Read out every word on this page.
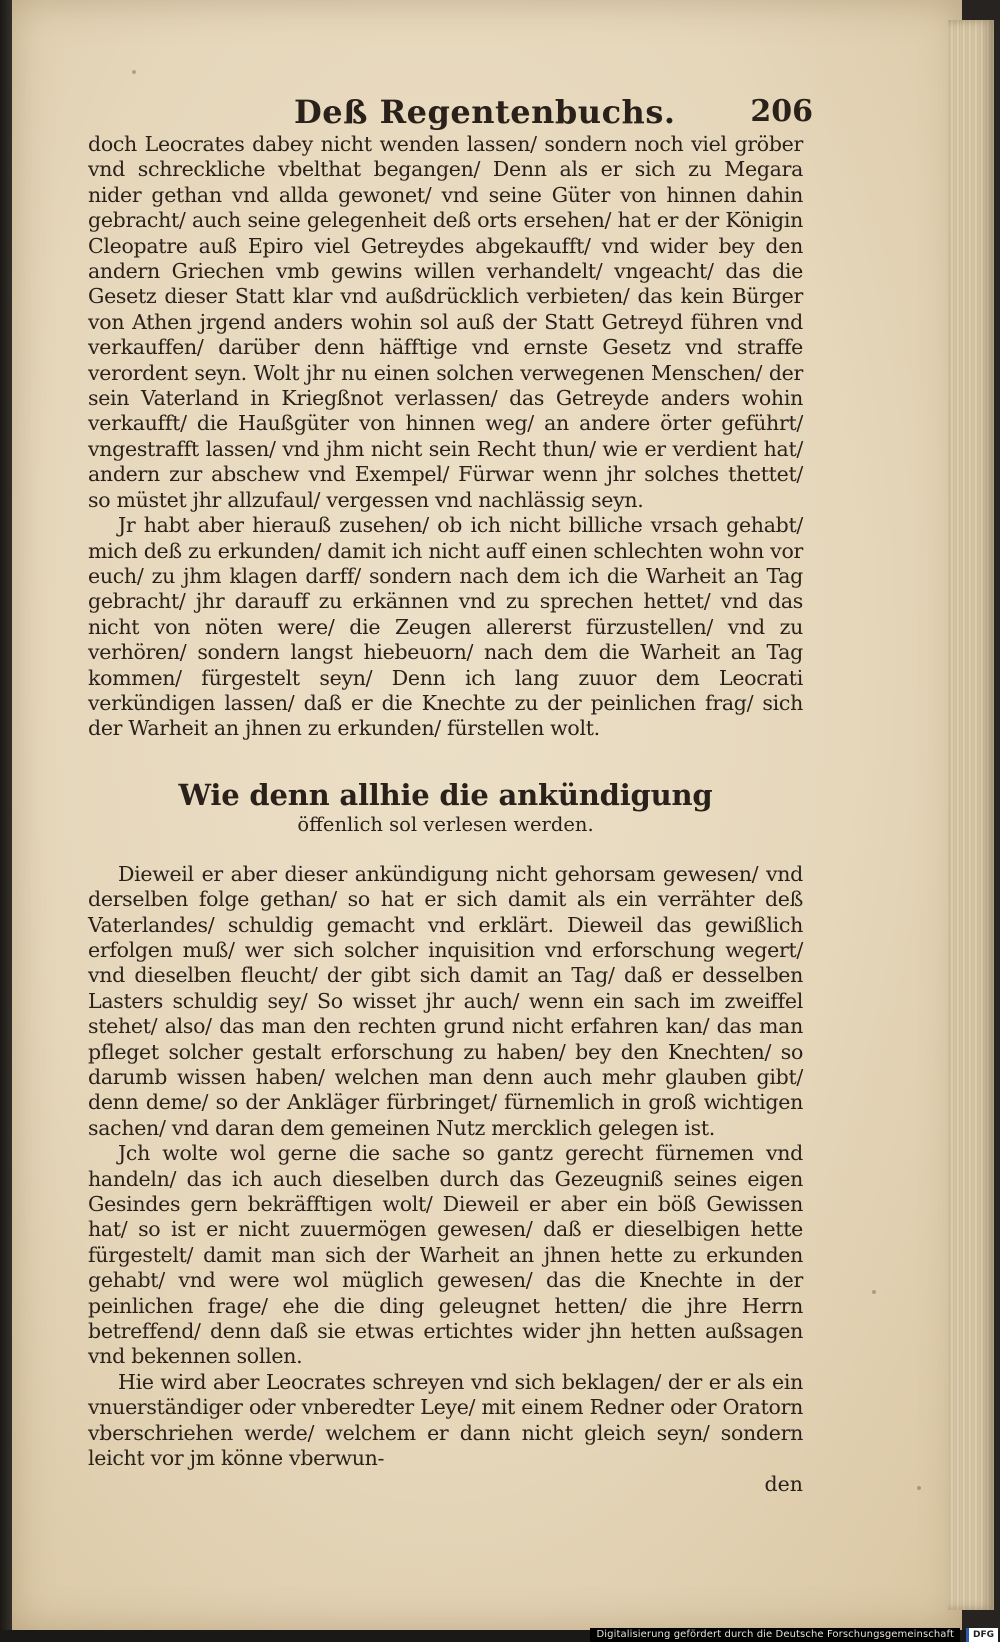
Deß Regentenbuchs. 206

doch Leocrates dabey nicht wenden lassen/ sondern noch viel gröber vnd schreckliche vbelthat begangen/ Denn als er sich zu Megara nider gethan vnd allda gewonet/ vnd seine Güter von hinnen dahin gebracht/ auch seine gelegenheit deß orts ersehen/ hat er der Königin Cleopatre auß Epiro viel Getreydes abgekaufft/ vnd wider bey den andern Griechen vmb gewins willen verhandelt/ vngeacht/ das die Gesetz dieser Statt klar vnd außdrücklich verbieten/ das kein Bürger von Athen jrgend anders wohin sol auß der Statt Getreyd führen vnd verkauffen/ darüber denn häfftige vnd ernste Gesetz vnd straffe verordent seyn. Wolt jhr nu einen solchen verwegenen Menschen/ der sein Vaterland in Kriegßnot verlassen/ das Getreyde anders wohin verkaufft/ die Haußgüter von hinnen weg/ an andere örter geführt/ vngestrafft lassen/ vnd jhm nicht sein Recht thun/ wie er verdient hat/ andern zur abschew vnd Exempel/ Fürwar wenn jhr solches thettet/ so müstet jhr allzufaul/ vergessen vnd nachlässig seyn.

Jr habt aber hierauß zusehen/ ob ich nicht billiche vrsach gehabt/ mich deß zu erkunden/ damit ich nicht auff einen schlechten wohn vor euch/ zu jhm klagen darff/ sondern nach dem ich die Warheit an Tag gebracht/ jhr darauff zu erkännen vnd zu sprechen hettet/ vnd das nicht von nöten were/ die Zeugen allererst fürzustellen/ vnd zu verhören/ sondern langst hiebeuorn/ nach dem die Warheit an Tag kommen/ fürgestelt seyn/ Denn ich lang zuuor dem Leocrati verkündigen lassen/ daß er die Knechte zu der peinlichen frag/ sich der Warheit an jhnen zu erkunden/ fürstellen wolt.

Wie denn allhie die ankündigung
öffenlich sol verlesen werden.

Dieweil er aber dieser ankündigung nicht gehorsam gewesen/ vnd derselben folge gethan/ so hat er sich damit als ein verrähter deß Vaterlandes/ schuldig gemacht vnd erklärt. Dieweil das gewißlich erfolgen muß/ wer sich solcher inquisition vnd erforschung wegert/ vnd dieselben fleucht/ der gibt sich damit an Tag/ daß er desselben Lasters schuldig sey/ So wisset jhr auch/ wenn ein sach im zweiffel stehet/ also/ das man den rechten grund nicht erfahren kan/ das man pfleget solcher gestalt erforschung zu haben/ bey den Knechten/ so darumb wissen haben/ welchen man denn auch mehr glauben gibt/ denn deme/ so der Ankläger fürbringet/ fürnemlich in groß wichtigen sachen/ vnd daran dem gemeinen Nutz mercklich gelegen ist.

Jch wolte wol gerne die sache so gantz gerecht fürnemen vnd handeln/ das ich auch dieselben durch das Gezeugniß seines eigen Gesindes gern bekräfftigen wolt/ Dieweil er aber ein böß Gewissen hat/ so ist er nicht zuuermögen gewesen/ daß er dieselbigen hette fürgestelt/ damit man sich der Warheit an jhnen hette zu erkunden gehabt/ vnd were wol müglich gewesen/ das die Knechte in der peinlichen frage/ ehe die ding geleugnet hetten/ die jhre Herrn betreffend/ denn daß sie etwas ertichtes wider jhn hetten außsagen vnd bekennen sollen.

Hie wird aber Leocrates schreyen vnd sich beklagen/ der er als ein vnuerständiger oder vnberedter Leye/ mit einem Redner oder Oratorn vberschriehen werde/ welchem er dann nicht gleich seyn/ sondern leicht vor jm könne vberwun-

den

Digitalisierung gefördert durch die Deutsche Forschungsgemeinschaft	DFG
